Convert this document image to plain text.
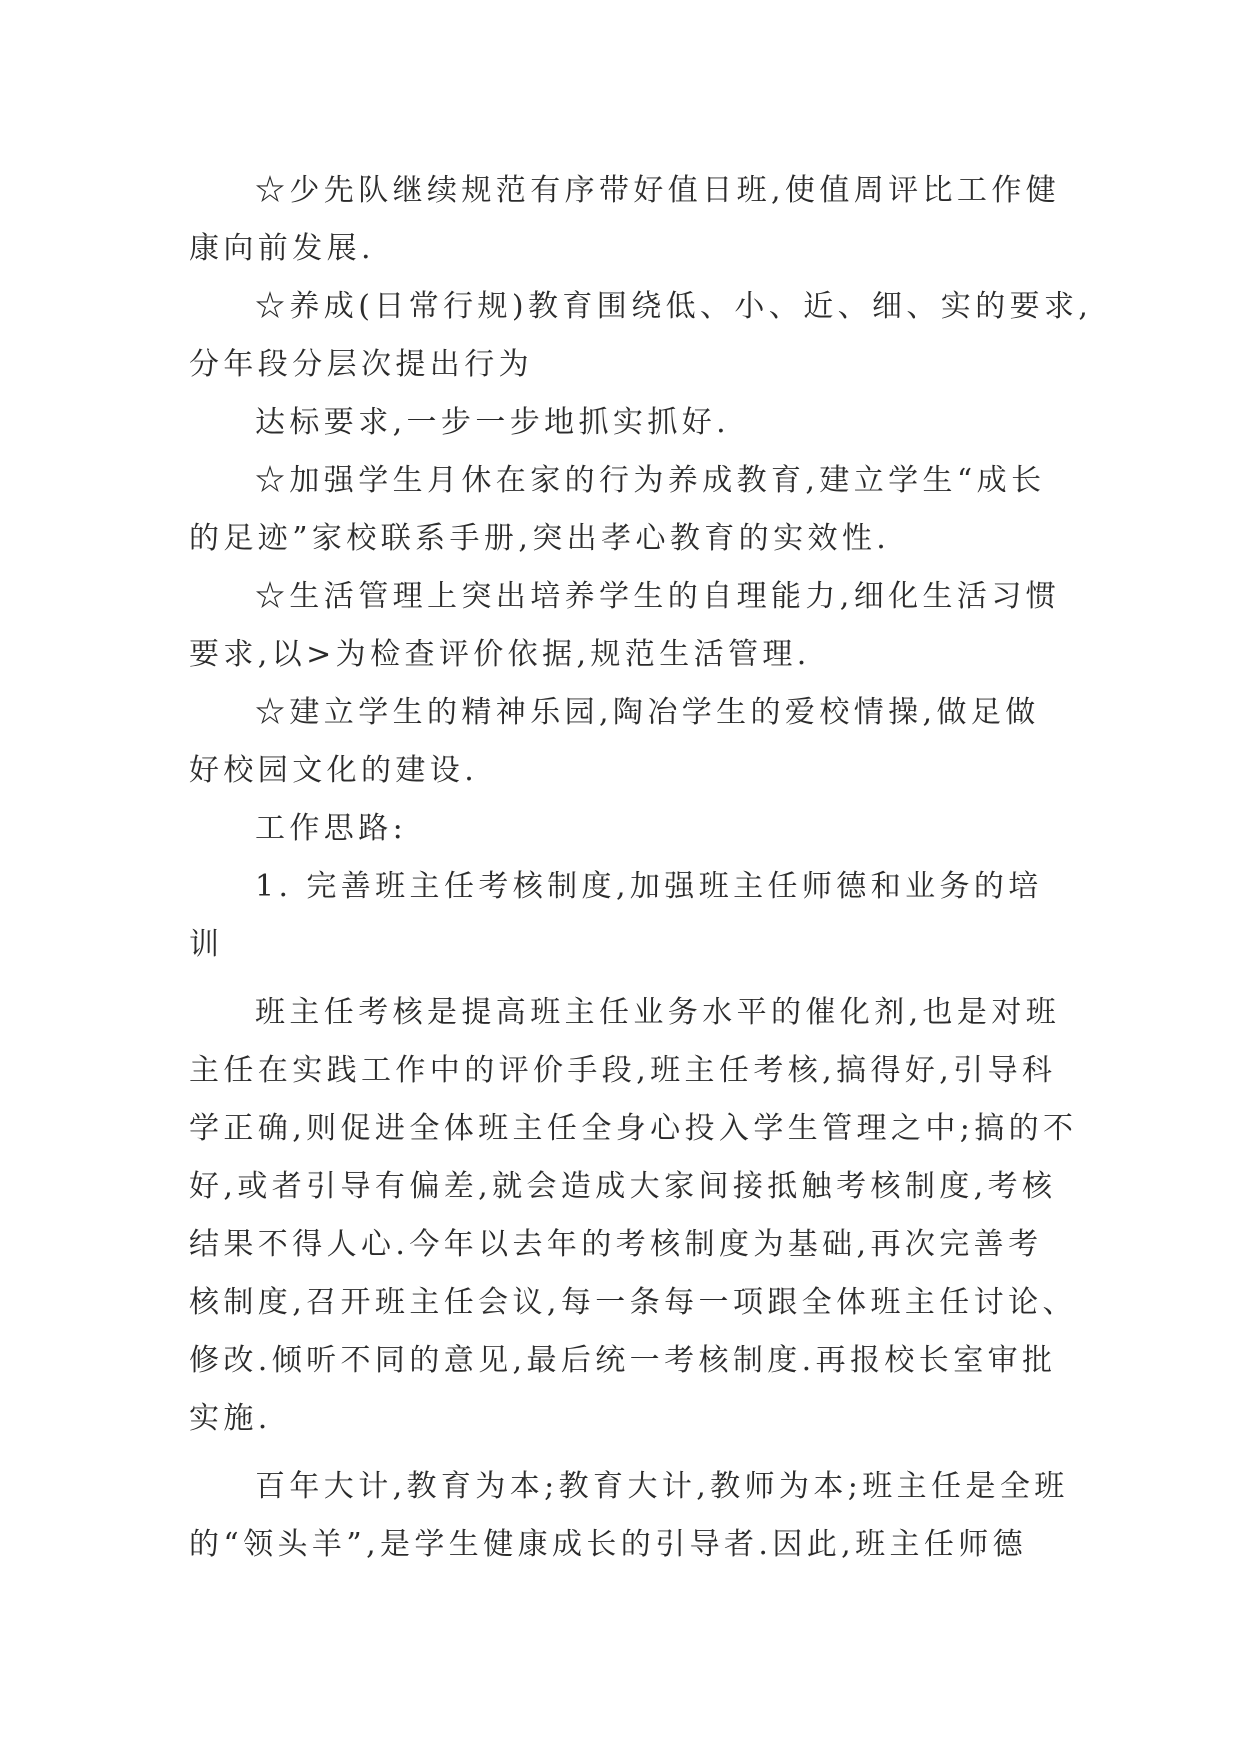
☆少先队继续规范有序带好值日班,使值周评比工作健

康向前发展.

☆养成(日常行规)教育围绕低、小、近、细、实的要求,

分年段分层次提出行为

达标要求,一步一步地抓实抓好.

☆加强学生月休在家的行为养成教育,建立学生“成长

的足迹”家校联系手册,突出孝心教育的实效性.

☆生活管理上突出培养学生的自理能力,细化生活习惯

要求,以>为检查评价依据,规范生活管理.

☆建立学生的精神乐园,陶冶学生的爱校情操,做足做

好校园文化的建设.

工作思路:

1. 完善班主任考核制度,加强班主任师德和业务的培

训

班主任考核是提高班主任业务水平的催化剂,也是对班

主任在实践工作中的评价手段,班主任考核,搞得好,引导科

学正确,则促进全体班主任全身心投入学生管理之中;搞的不

好,或者引导有偏差,就会造成大家间接抵触考核制度,考核

结果不得人心.今年以去年的考核制度为基础,再次完善考

核制度,召开班主任会议,每一条每一项跟全体班主任讨论、

修改.倾听不同的意见,最后统一考核制度.再报校长室审批

实施.

百年大计,教育为本;教育大计,教师为本;班主任是全班

的“领头羊”,是学生健康成长的引导者.因此,班主任师德
